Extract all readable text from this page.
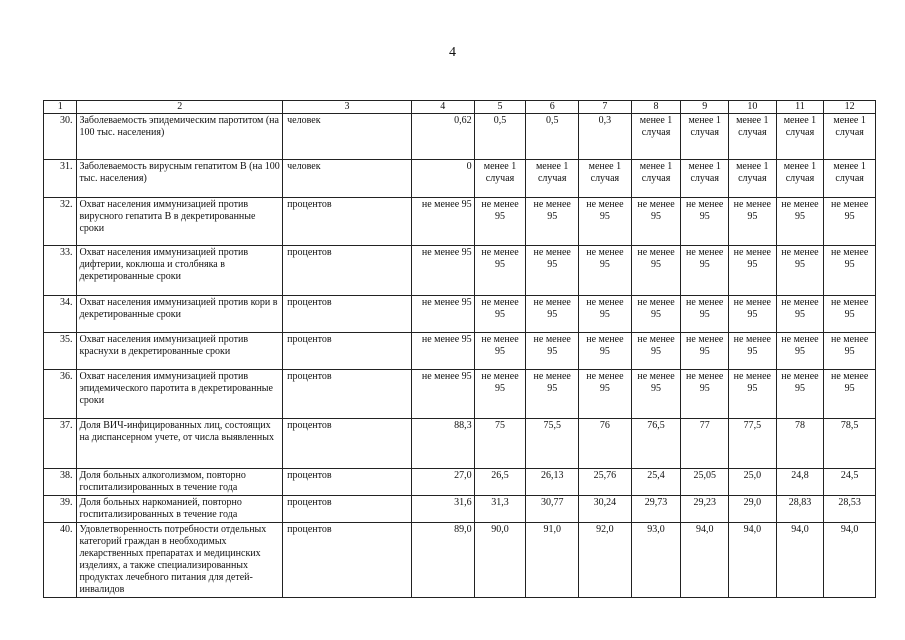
4
1	2	3	4	5	6	7	8	9	10	11	12
30.	Заболеваемость эпидемическим паротитом (на 100 тыс. населения)	человек	0,62	0,5	0,5	0,3	менее 1 случая	менее 1 случая	менее 1 случая	менее 1 случая	менее 1 случая
31.	Заболеваемость вирусным гепатитом В (на 100 тыс. населения)	человек	0	менее 1 случая	менее 1 случая	менее 1 случая	менее 1 случая	менее 1 случая	менее 1 случая	менее 1 случая	менее 1 случая
32.	Охват населения иммунизацией против вирусного гепатита В в декретированные сроки	процентов	не менее 95	не менее 95	не менее 95	не менее 95	не менее 95	не менее 95	не менее 95	не менее 95	не менее 95
33.	Охват населения иммунизацией против дифтерии, коклюша и столбняка в декретированные сроки	процентов	не менее 95	не менее 95	не менее 95	не менее 95	не менее 95	не менее 95	не менее 95	не менее 95	не менее 95
34.	Охват населения иммунизацией против кори в декретированные сроки	процентов	не менее 95	не менее 95	не менее 95	не менее 95	не менее 95	не менее 95	не менее 95	не менее 95	не менее 95
35.	Охват населения иммунизацией против краснухи в декретированные сроки	процентов	не менее 95	не менее 95	не менее 95	не менее 95	не менее 95	не менее 95	не менее 95	не менее 95	не менее 95
36.	Охват населения иммунизацией против эпидемического паротита в декретированные сроки	процентов	не менее 95	не менее 95	не менее 95	не менее 95	не менее 95	не менее 95	не менее 95	не менее 95	не менее 95
37.	Доля ВИЧ-инфицированных лиц, состоящих на диспансерном учете, от числа выявленных	процентов	88,3	75	75,5	76	76,5	77	77,5	78	78,5
38.	Доля больных алкоголизмом, повторно госпитализированных в течение года	процентов	27,0	26,5	26,13	25,76	25,4	25,05	25,0	24,8	24,5
39.	Доля больных наркоманией, повторно госпитализированных в течение года	процентов	31,6	31,3	30,77	30,24	29,73	29,23	29,0	28,83	28,53
40.	Удовлетворенность потребности отдельных категорий граждан в необходимых лекарственных препаратах и медицинских изделиях, а также специализированных продуктах лечебного питания для детей-инвалидов	процентов	89,0	90,0	91,0	92,0	93,0	94,0	94,0	94,0	94,0
